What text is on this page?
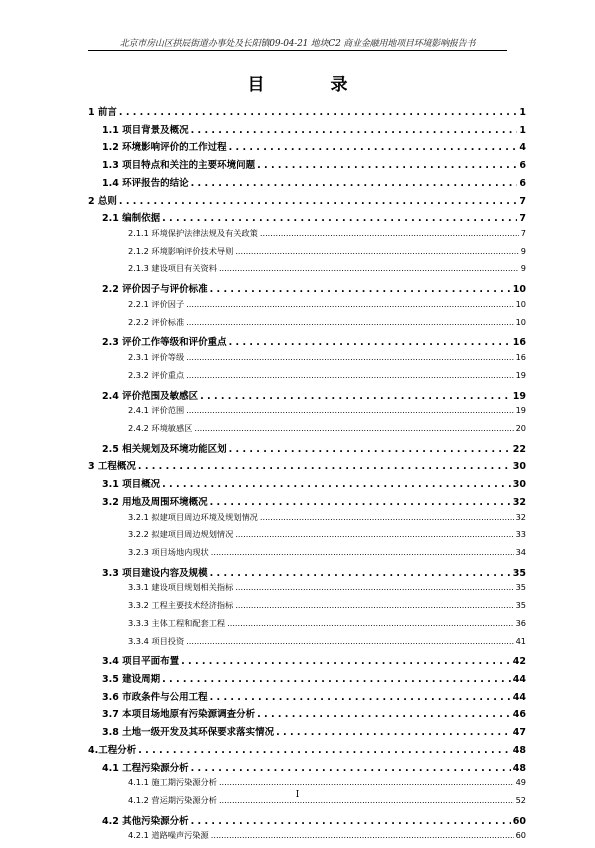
北京市房山区拱辰街道办事处及长阳镇09-04-21 地块C2 商业金融用地项目环境影响报告书
目 录
1 前言 . . .	1
1.1 项目背景及概况 . . .	1
1.2 环境影响评价的工作过程 . . .	4
1.3 项目特点和关注的主要环境问题 . . .	6
1.4 环评报告的结论 . . .	6
2 总则 . . .	7
2.1 编制依据 . . .	7
2.1.1 环境保护法律法规及有关政策 .....	7
2.1.2 环境影响评价技术导则 .....	9
2.1.3 建设项目有关资料 .....	9
2.2 评价因子与评价标准 . . .	10
2.2.1 评价因子 .....	10
2.2.2 评价标准 .....	10
2.3 评价工作等级和评价重点 . . .	16
2.3.1 评价等级 .....	16
2.3.2 评价重点 .....	19
2.4 评价范围及敏感区 . . .	19
2.4.1 评价范围 .....	19
2.4.2 环境敏感区 .....	20
2.5 相关规划及环境功能区划 . . .	22
3 工程概况 . . .	30
3.1 项目概况 . . .	30
3.2 用地及周围环境概况 . . .	32
3.2.1 拟建项目周边环境及规划情况 .....	32
3.2.2 拟建项目周边规划情况 .....	33
3.2.3 项目场地内现状 .....	34
3.3 项目建设内容及规模 . . .	35
3.3.1 建设项目规划相关指标 .....	35
3.3.2 工程主要技术经济指标 .....	35
3.3.3 主体工程和配套工程 .....	36
3.3.4 项目投资 .....	41
3.4 项目平面布置 . . .	42
3.5 建设周期 . . .	44
3.6 市政条件与公用工程 . . .	44
3.7 本项目场地原有污染源调查分析 . . .	46
3.8 土地一级开发及其环保要求落实情况 . . .	47
4.工程分析 . . .	48
4.1 工程污染源分析 . . .	48
4.1.1 施工期污染源分析 .....	49
4.1.2 营运期污染源分析 .....	52
4.2 其他污染源分析 . . .	60
4.2.1 道路噪声污染源 .....	60
I
